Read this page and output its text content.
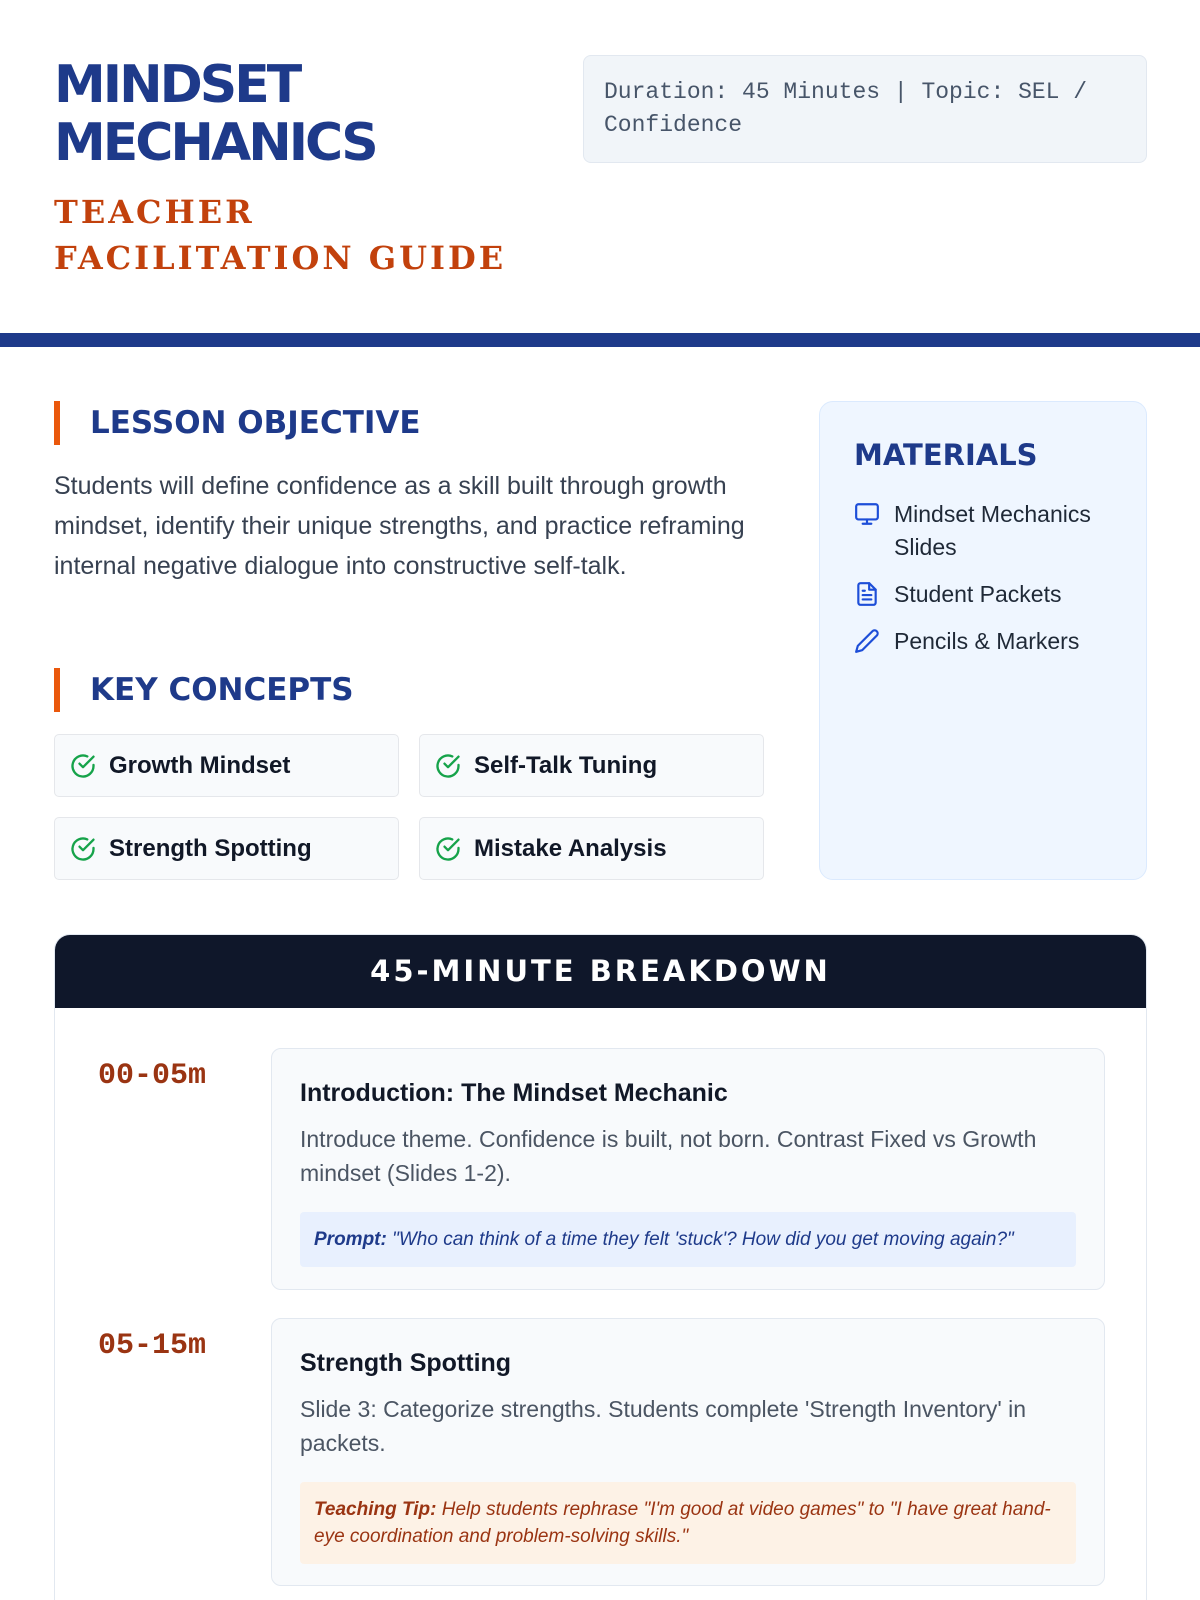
MINDSET
MECHANICS
TEACHER FACILITATION GUIDE
Duration: 45 Minutes | Topic: SEL / Confidence
LESSON OBJECTIVE
Students will define confidence as a skill built through growth mindset, identify their unique strengths, and practice reframing internal negative dialogue into constructive self-talk.
KEY CONCEPTS
Growth Mindset	Self-Talk Tuning
Strength Spotting	Mistake Analysis
MATERIALS
Mindset Mechanics Slides
Student Packets
Pencils & Markers
45-MINUTE BREAKDOWN
00-05m	Introduction: The Mindset Mechanic
Introduce theme. Confidence is built, not born. Contrast Fixed vs Growth mindset (Slides 1-2).
Prompt: "Who can think of a time they felt 'stuck'? How did you get moving again?"
05-15m	Strength Spotting
Slide 3: Categorize strengths. Students complete 'Strength Inventory' in packets.
Teaching Tip: Help students rephrase "I'm good at video games" to "I have great hand-eye coordination and problem-solving skills."
